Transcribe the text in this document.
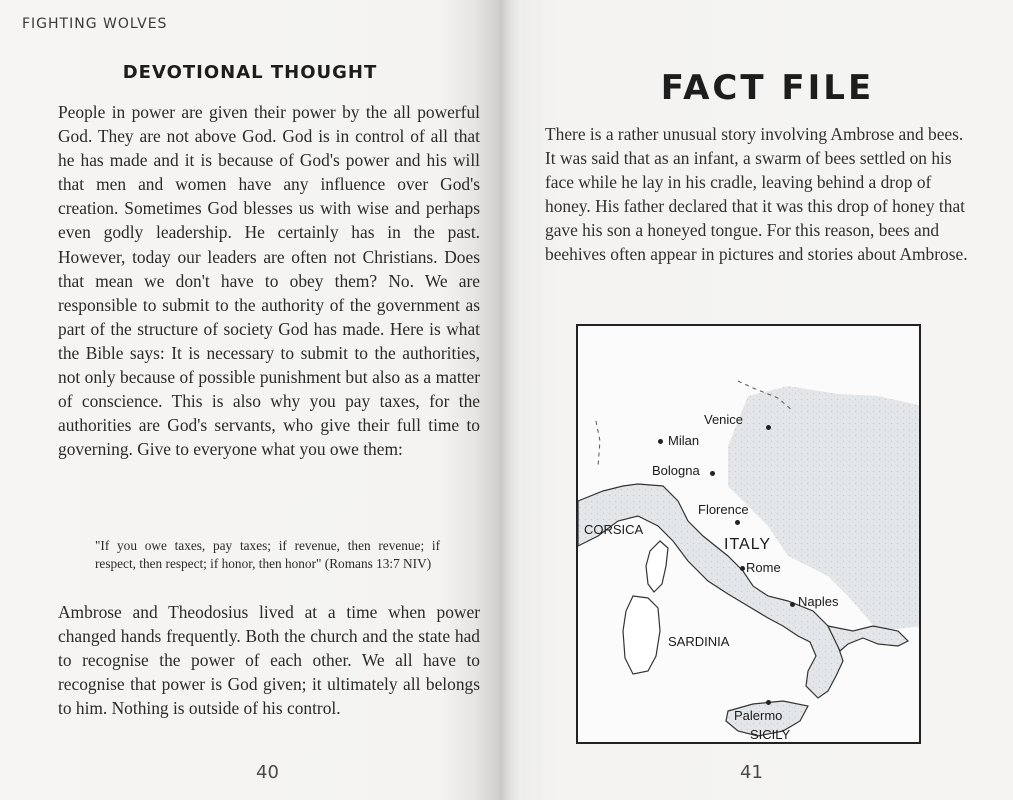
FIGHTING WOLVES
DEVOTIONAL THOUGHT

People in power are given their power by the all powerful God. They are not above God. God is in control of all that he has made and it is because of God's power and his will that men and women have any influence over God's creation. Sometimes God blesses us with wise and perhaps even godly leadership. He certainly has in the past. However, today our leaders are often not Christians. Does that mean we don't have to obey them? No. We are responsible to submit to the authority of the government as part of the structure of society God has made. Here is what the Bible says: It is necessary to submit to the authorities, not only because of possible punishment but also as a matter of conscience. This is also why you pay taxes, for the authorities are God's servants, who give their full time to governing. Give to everyone what you owe them:

"If you owe taxes, pay taxes; if revenue, then revenue; if respect, then respect; if honor, then honor" (Romans 13:7 NIV)

Ambrose and Theodosius lived at a time when power changed hands frequently. Both the church and the state had to recognise the power of each other. We all have to recognise that power is God given; it ultimately all belongs to him. Nothing is outside of his control.

40
FACT FILE

There is a rather unusual story involving Ambrose and bees. It was said that as an infant, a swarm of bees settled on his face while he lay in his cradle, leaving behind a drop of honey. His father declared that it was this drop of honey that gave his son a honeyed tongue. For this reason, bees and beehives often appear in pictures and stories about Ambrose.

Venice
Milan
Bologna
Florence
CORSICA
ITALY
Rome
Naples
SARDINIA
Palermo
SICILY
41
